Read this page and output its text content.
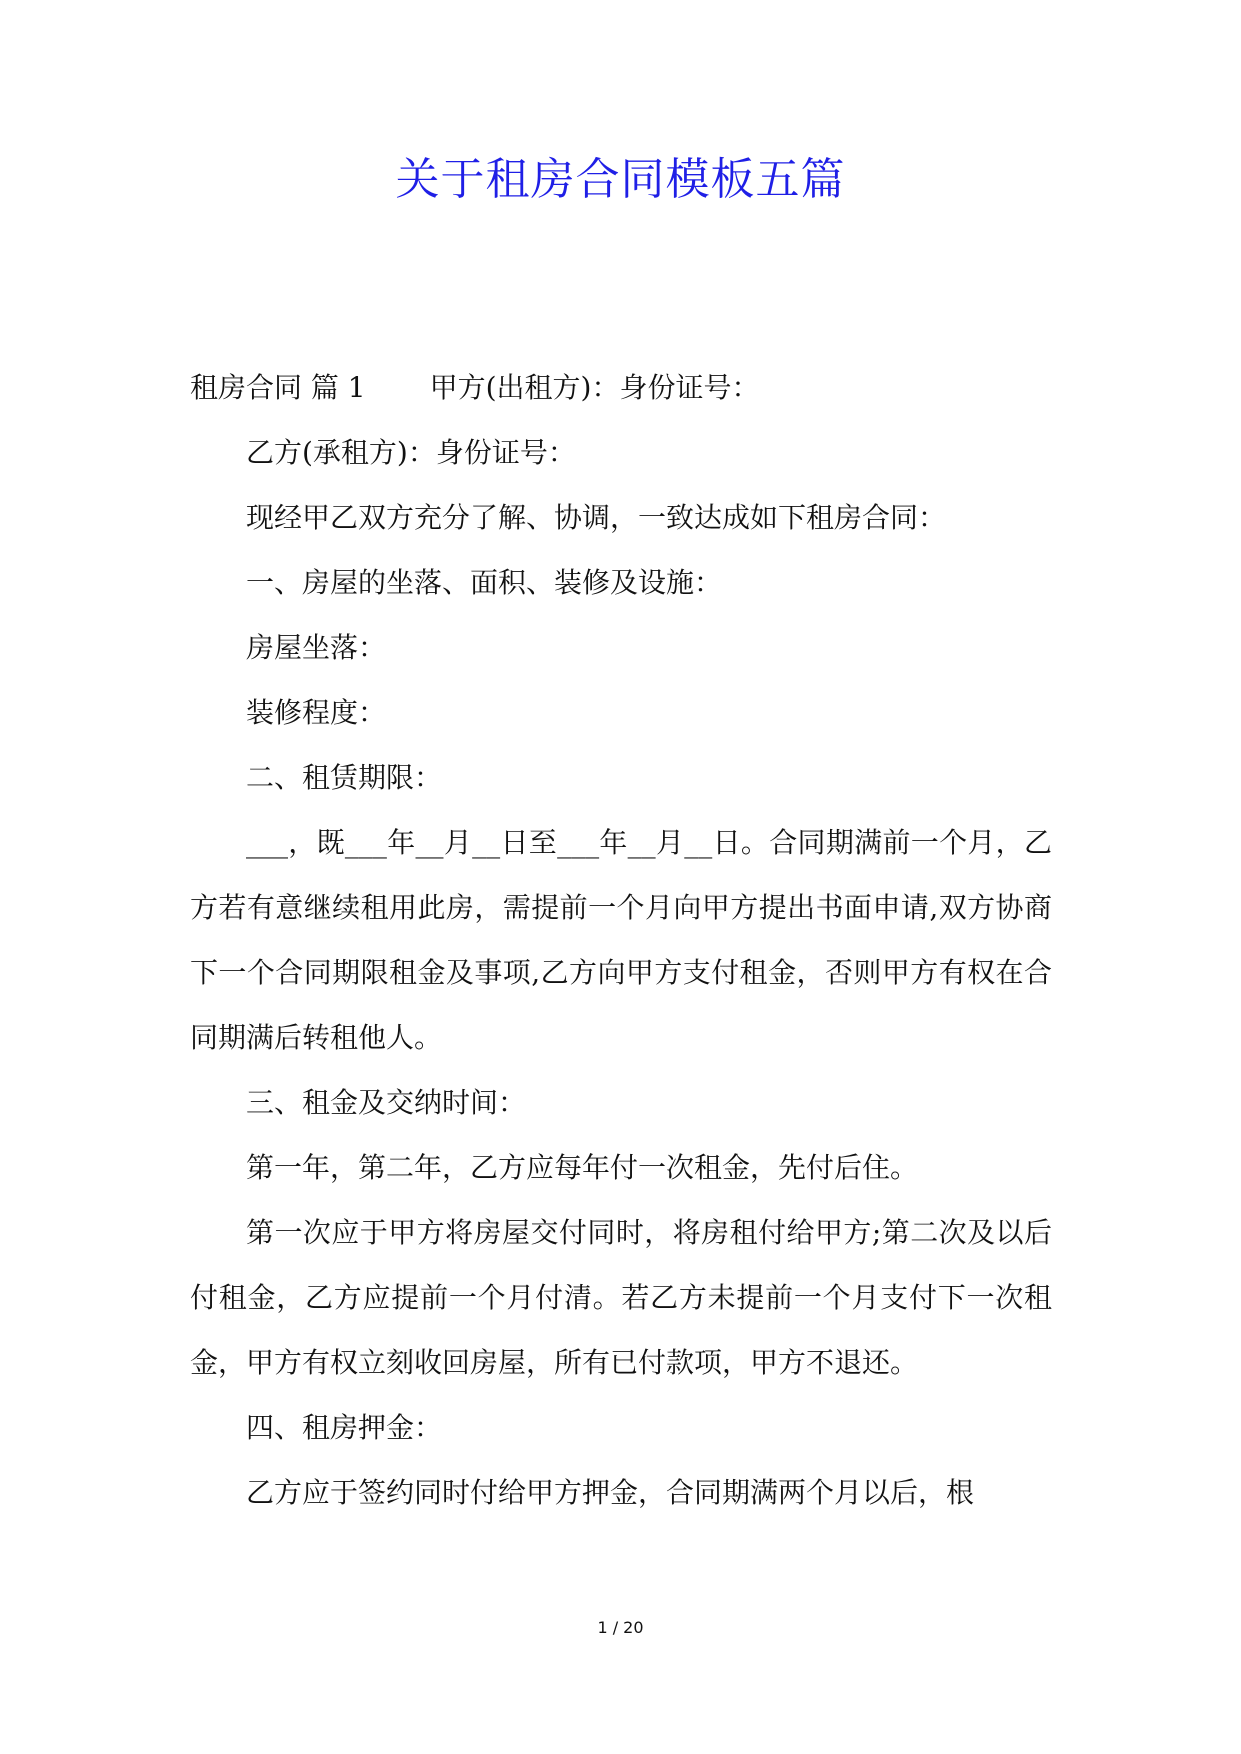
关于租房合同模板五篇

租房合同 篇 1 甲方(出租方)：身份证号：

乙方(承租方)：身份证号：

现经甲乙双方充分了解、协调，一致达成如下租房合同：

一、房屋的坐落、面积、装修及设施：

房屋坐落：

装修程度：

二、租赁期限：

___，既___年__月__日至___年__月__日。合同期满前一个月，乙方若有意继续租用此房，需提前一个月向甲方提出书面申请,双方协商下一个合同期限租金及事项,乙方向甲方支付租金，否则甲方有权在合同期满后转租他人。

三、租金及交纳时间：

第一年，第二年，乙方应每年付一次租金，先付后住。

第一次应于甲方将房屋交付同时，将房租付给甲方;第二次及以后付租金，乙方应提前一个月付清。若乙方未提前一个月支付下一次租金，甲方有权立刻收回房屋，所有已付款项，甲方不退还。

四、租房押金：

乙方应于签约同时付给甲方押金，合同期满两个月以后，根

1 / 20
